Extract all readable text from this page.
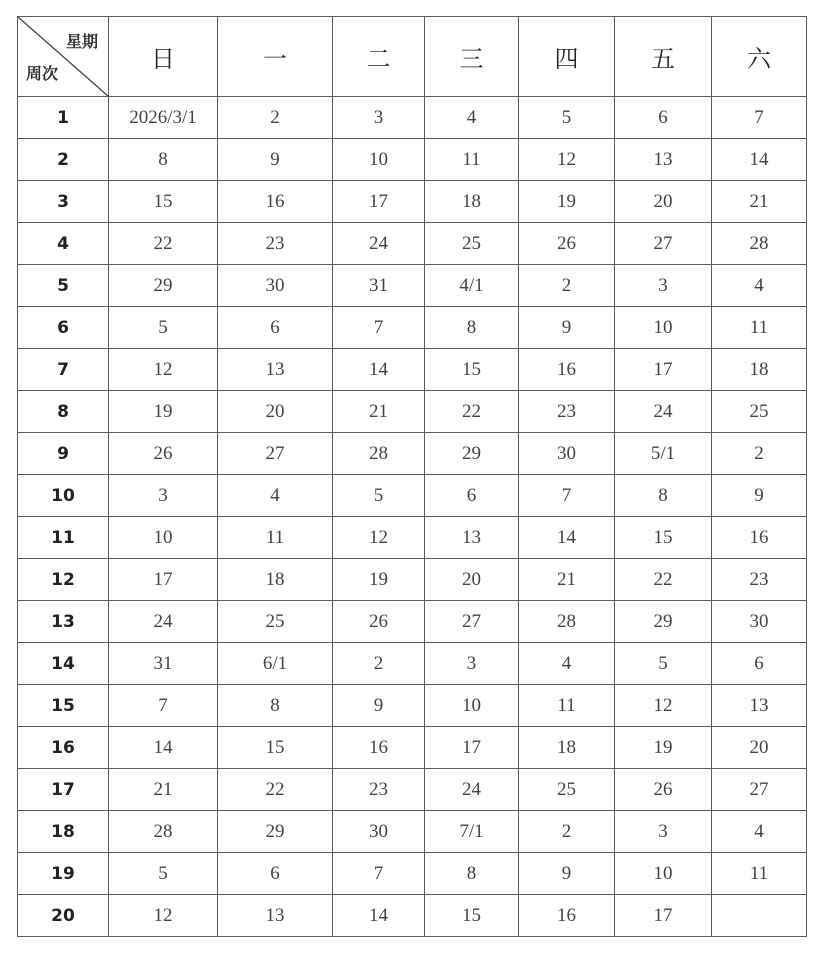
星期
周次	日	一	二	三	四	五	六
1	2026/3/1	2	3	4	5	6	7
2	8	9	10	11	12	13	14
3	15	16	17	18	19	20	21
4	22	23	24	25	26	27	28
5	29	30	31	4/1	2	3	4
6	5	6	7	8	9	10	11
7	12	13	14	15	16	17	18
8	19	20	21	22	23	24	25
9	26	27	28	29	30	5/1	2
10	3	4	5	6	7	8	9
11	10	11	12	13	14	15	16
12	17	18	19	20	21	22	23
13	24	25	26	27	28	29	30
14	31	6/1	2	3	4	5	6
15	7	8	9	10	11	12	13
16	14	15	16	17	18	19	20
17	21	22	23	24	25	26	27
18	28	29	30	7/1	2	3	4
19	5	6	7	8	9	10	11
20	12	13	14	15	16	17	
